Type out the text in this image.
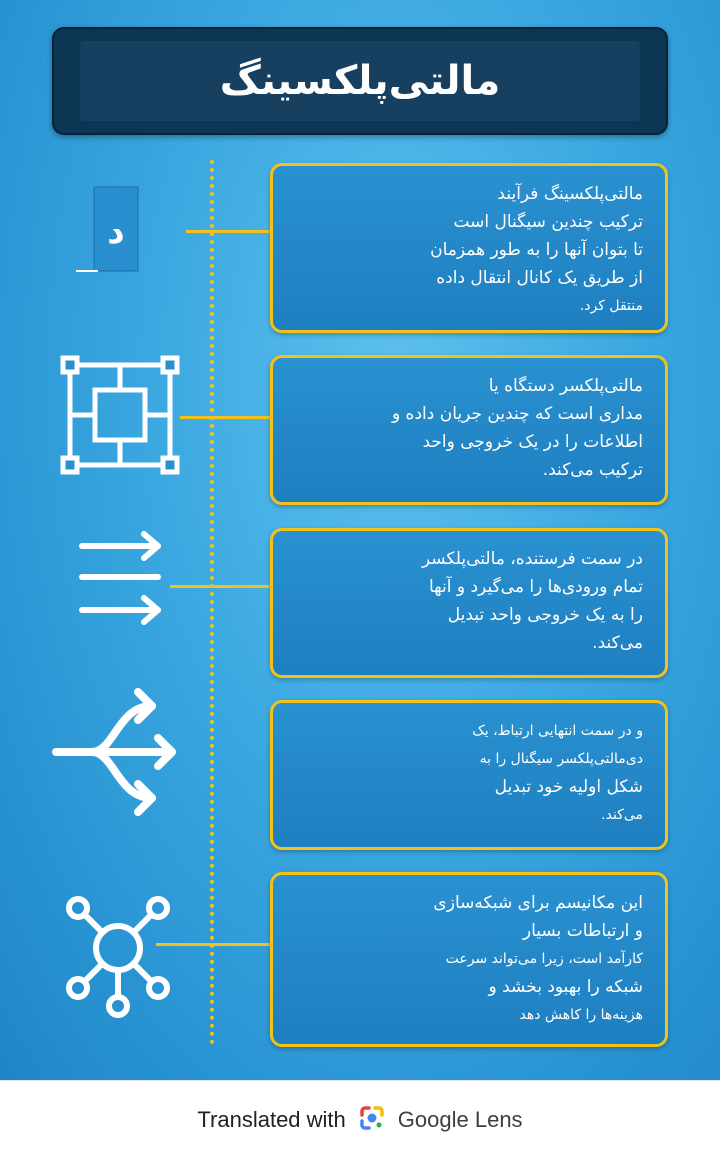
مالتی‌پلکسینگ
د
مالتی‌پلکسینگ فرآیند
ترکیب چندین سیگنال است
تا بتوان آنها را به طور همزمان
از طریق یک کانال انتقال داده
منتقل کرد.
مالتی‌پلکسر دستگاه یا
مداری است که چندین جریان داده و
اطلاعات را در یک خروجی واحد
ترکیب می‌کند.
در سمت فرستنده، مالتی‌پلکسر
تمام ورودی‌ها را می‌گیرد و آنها
را به یک خروجی واحد تبدیل
می‌کند.
و در سمت انتهایی ارتباط، یک
دی‌مالتی‌پلکسر سیگنال را به
شکل اولیه خود تبدیل
می‌کند.
این مکانیسم برای شبکه‌سازی
و ارتباطات بسیار
کارآمد است، زیرا می‌تواند سرعت
شبکه را بهبود بخشد و
هزینه‌ها را کاهش دهد
Translated with Google Lens
